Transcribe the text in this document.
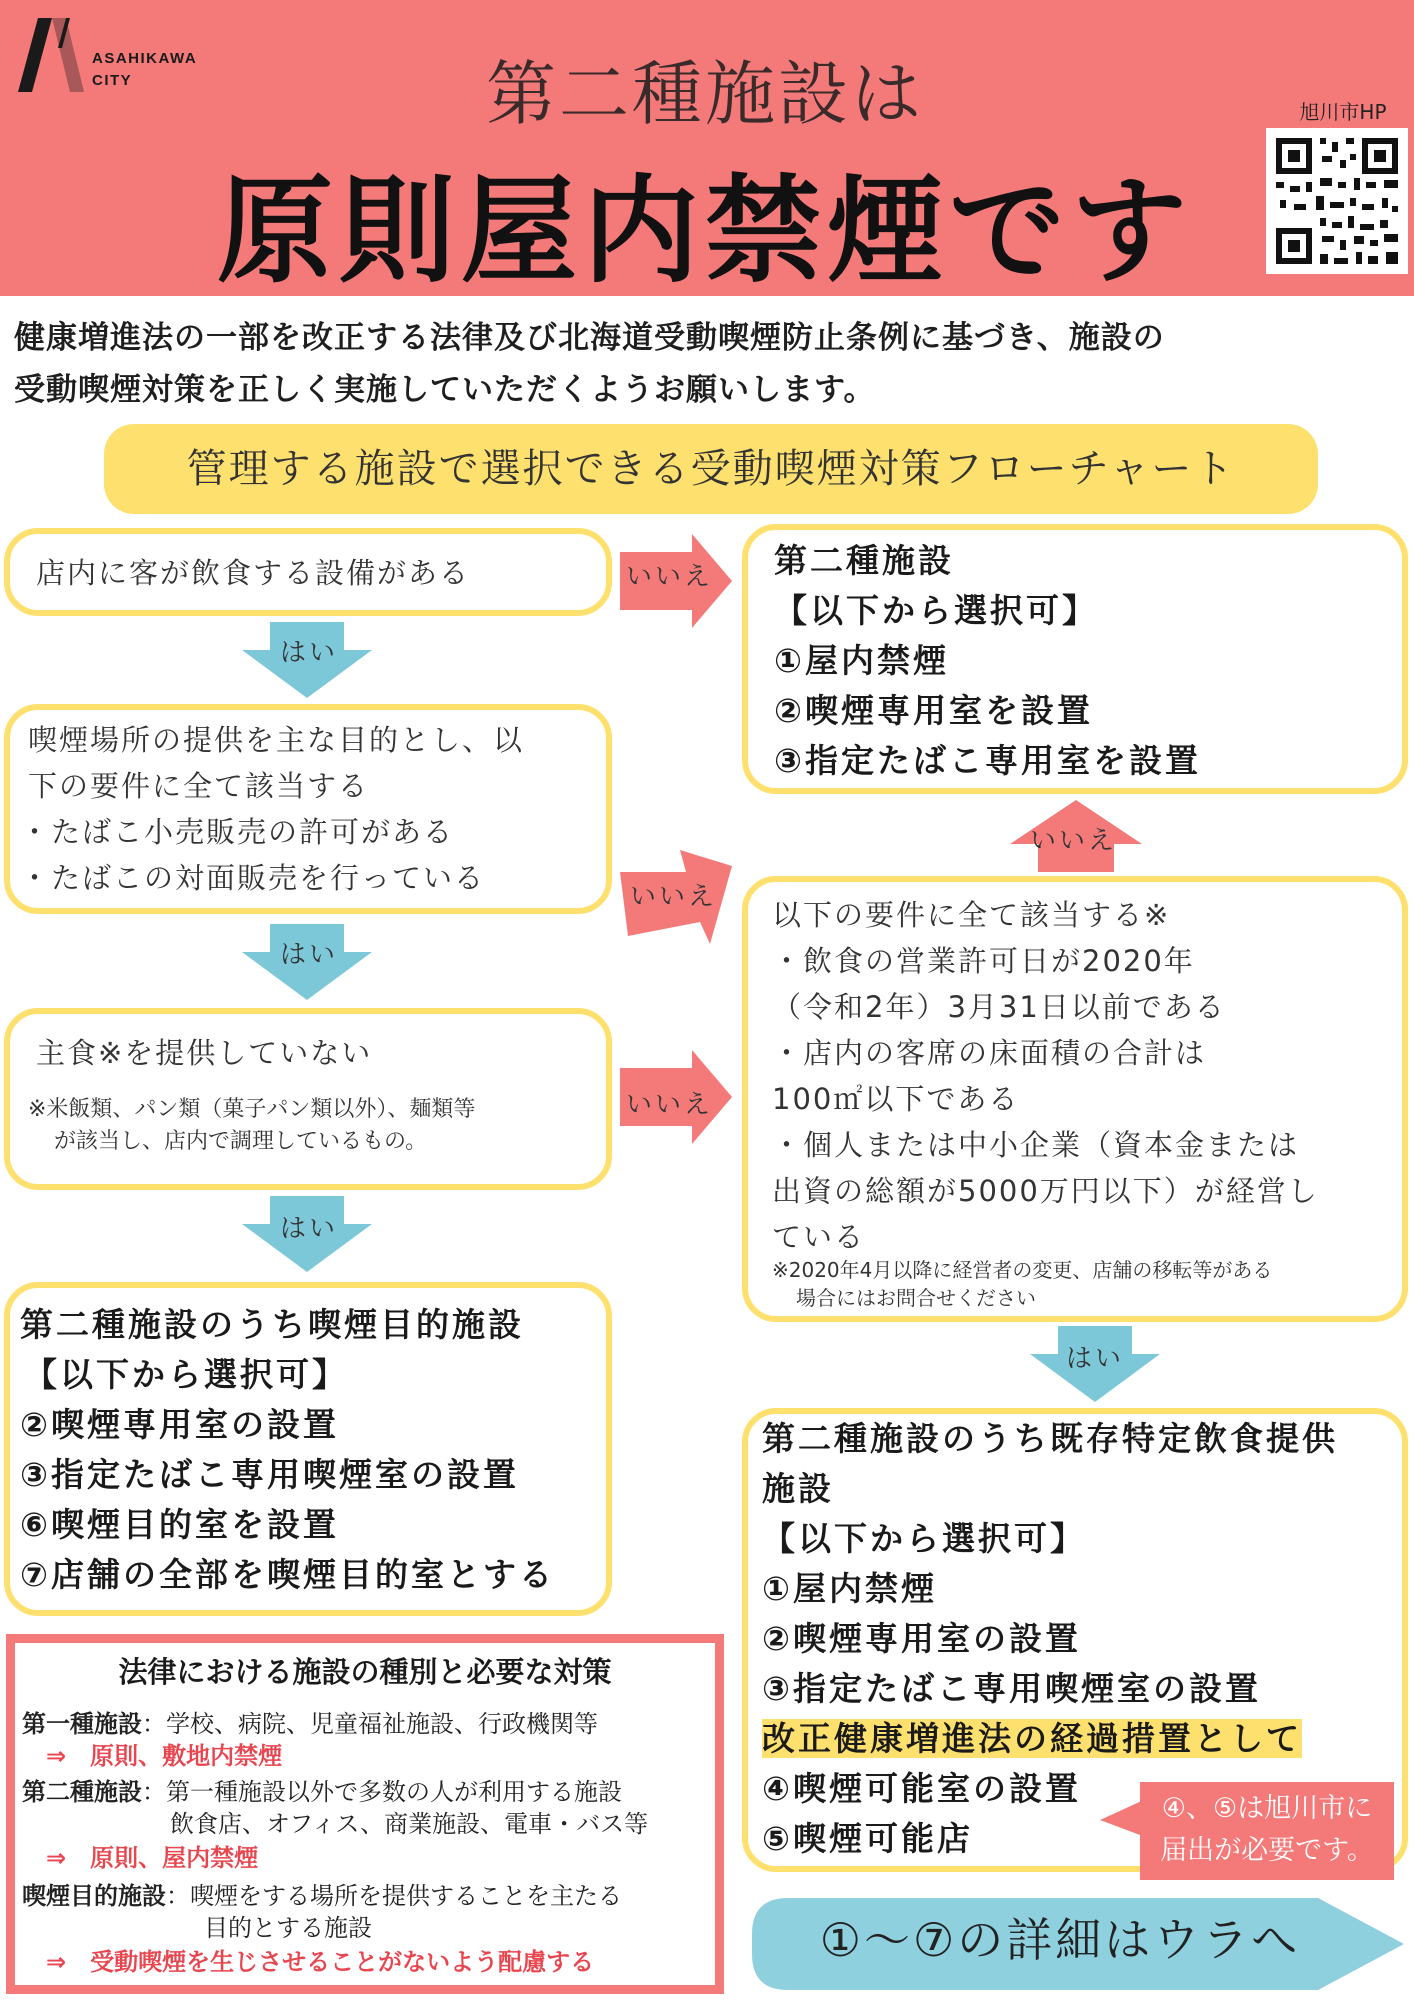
ASAHIKAWA
CITY	第二種施設は
原則屋内禁煙です
旭川市HP
健康増進法の一部を改正する法律及び北海道受動喫煙防止条例に基づき、施設の
受動喫煙対策を正しく実施していただくようお願いします。
管理する施設で選択できる受動喫煙対策フローチャート
店内に客が飲食する設備がある	いいえ
はい
喫煙場所の提供を主な目的とし、以
下の要件に全て該当する
・たばこ小売販売の許可がある
・たばこの対面販売を行っている
いいえ
はい
主食※を提供していない
※米飯類、パン類（菓子パン類以外）、麺類等
が該当し、店内で調理しているもの。
いいえ
はい
第二種施設のうち喫煙目的施設
【以下から選択可】
②喫煙専用室の設置
③指定たばこ専用喫煙室の設置
⑥喫煙目的室を設置
⑦店舗の全部を喫煙目的室とする
第二種施設
【以下から選択可】
①屋内禁煙
②喫煙専用室を設置
③指定たばこ専用室を設置
いいえ
以下の要件に全て該当する※
・飲食の営業許可日が2020年
（令和2年）3月31日以前である
・店内の客席の床面積の合計は
100㎡以下である
・個人または中小企業（資本金または
出資の総額が5000万円以下）が経営し
ている
※2020年4月以降に経営者の変更、店舗の移転等がある
場合にはお問合せください
はい
第二種施設のうち既存特定飲食提供
施設
【以下から選択可】
①屋内禁煙
②喫煙専用室の設置
③指定たばこ専用喫煙室の設置
改正健康増進法の経過措置として
④喫煙可能室の設置
⑤喫煙可能店
④、⑤は旭川市に
届出が必要です。
法律における施設の種別と必要な対策
第一種施設：学校、病院、児童福祉施設、行政機関等
⇒　原則、敷地内禁煙
第二種施設：第一種施設以外で多数の人が利用する施設
飲食店、オフィス、商業施設、電車・バス等
⇒　原則、屋内禁煙
喫煙目的施設：喫煙をする場所を提供することを主たる
目的とする施設
⇒　受動喫煙を生じさせることがないよう配慮する	①〜⑦の詳細はウラへ
